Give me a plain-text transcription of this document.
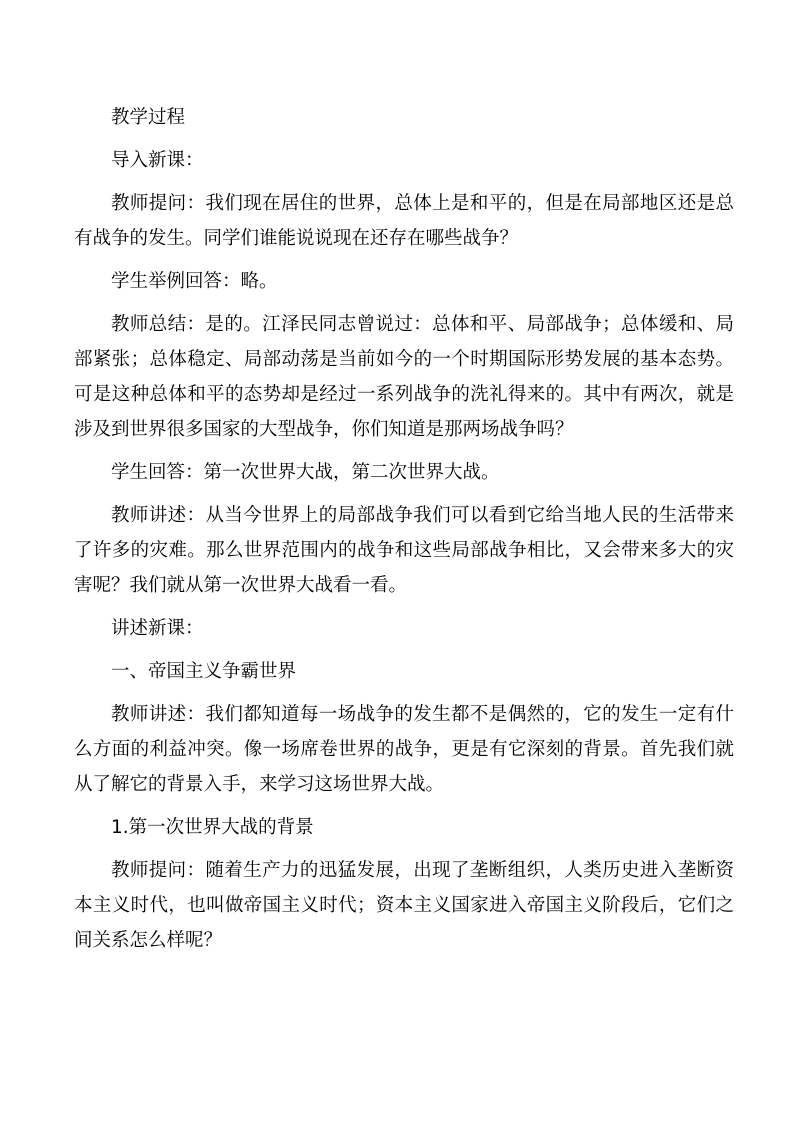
教学过程

导入新课：

教师提问：我们现在居住的世界，总体上是和平的，但是在局部地区还是总有战争的发生。同学们谁能说说现在还存在哪些战争？

学生举例回答：略。

教师总结：是的。江泽民同志曾说过：总体和平、局部战争；总体缓和、局部紧张；总体稳定、局部动荡是当前如今的一个时期国际形势发展的基本态势。可是这种总体和平的态势却是经过一系列战争的洗礼得来的。其中有两次，就是涉及到世界很多国家的大型战争，你们知道是那两场战争吗？

学生回答：第一次世界大战，第二次世界大战。

教师讲述：从当今世界上的局部战争我们可以看到它给当地人民的生活带来了许多的灾难。那么世界范围内的战争和这些局部战争相比，又会带来多大的灾害呢？我们就从第一次世界大战看一看。

讲述新课：

一、帝国主义争霸世界

教师讲述：我们都知道每一场战争的发生都不是偶然的，它的发生一定有什么方面的利益冲突。像一场席卷世界的战争，更是有它深刻的背景。首先我们就从了解它的背景入手，来学习这场世界大战。

1.第一次世界大战的背景

教师提问：随着生产力的迅猛发展，出现了垄断组织，人类历史进入垄断资本主义时代，也叫做帝国主义时代；资本主义国家进入帝国主义阶段后，它们之间关系怎么样呢？
